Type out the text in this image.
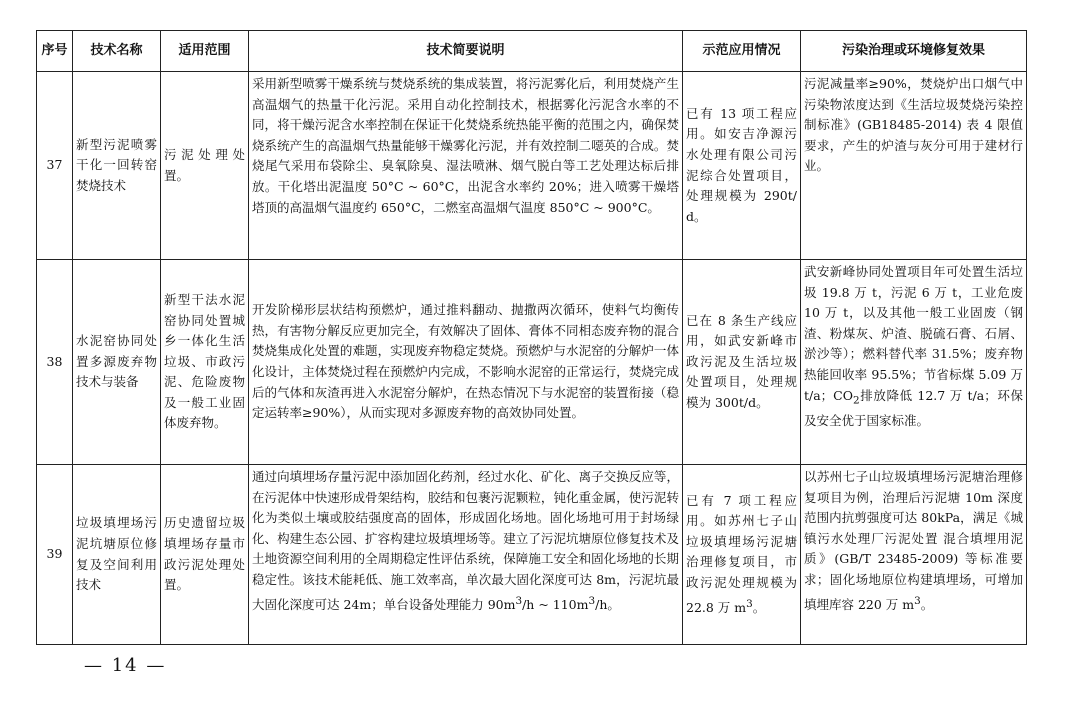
序号	技术名称	适用范围	技术简要说明	示范应用情况	污染治理或环境修复效果
37	新型污泥喷雾干化一回转窑焚烧技术	污泥处理处置。	采用新型喷雾干燥系统与焚烧系统的集成装置，将污泥雾化后，利用焚烧产生高温烟气的热量干化污泥。采用自动化控制技术，根据雾化污泥含水率的不同，将干燥污泥含水率控制在保证干化焚烧系统热能平衡的范围之内，确保焚烧系统产生的高温烟气热量能够干燥雾化污泥，并有效控制二噁英的合成。焚烧尾气采用布袋除尘、臭氧除臭、湿法喷淋、烟气脱白等工艺处理达标后排放。干化塔出泥温度 50°C ~ 60°C，出泥含水率约 20%；进入喷雾干燥塔塔顶的高温烟气温度约 650°C，二燃室高温烟气温度 850°C ~ 900°C。	已有 13 项工程应用。如安吉净源污水处理有限公司污泥综合处置项目，处理规模为 290t/d。	污泥减量率≥90%，焚烧炉出口烟气中污染物浓度达到《生活垃圾焚烧污染控制标准》(GB18485-2014) 表 4 限值要求，产生的炉渣与灰分可用于建材行业。
38	水泥窑协同处置多源废弃物技术与装备	新型干法水泥窑协同处置城乡一体化生活垃圾、市政污泥、危险废物及一般工业固体废弃物。	开发阶梯形层状结构预燃炉，通过推料翻动、抛撒两次循环，使料气均衡传热，有害物分解反应更加完全，有效解决了固体、膏体不同相态废弃物的混合焚烧集成化处置的难题，实现废弃物稳定焚烧。预燃炉与水泥窑的分解炉一体化设计，主体焚烧过程在预燃炉内完成，不影响水泥窑的正常运行，焚烧完成后的气体和灰渣再进入水泥窑分解炉，在热态情况下与水泥窑的装置衔接（稳定运转率≥90%），从而实现对多源废弃物的高效协同处置。	已在 8 条生产线应用，如武安新峰市政污泥及生活垃圾处置项目，处理规模为 300t/d。	武安新峰协同处置项目年可处置生活垃圾 19.8 万 t，污泥 6 万 t，工业危废 10 万 t，以及其他一般工业固废（钢渣、粉煤灰、炉渣、脱硫石膏、石屑、淤沙等）；燃料替代率 31.5%；废弃物热能回收率 95.5%；节省标煤 5.09 万 t/a；$CO_2$排放降低 12.7 万 t/a；环保及安全优于国家标准。
39	垃圾填埋场污泥坑塘原位修复及空间利用技术	历史遗留垃圾填埋场存量市政污泥处理处置。	通过向填埋场存量污泥中添加固化药剂，经过水化、矿化、离子交换反应等，在污泥体中快速形成骨架结构，胶结和包裹污泥颗粒，钝化重金属，使污泥转化为类似土壤或胶结强度高的固体，形成固化场地。固化场地可用于封场绿化、构建生态公园、扩容构建垃圾填埋场等。建立了污泥坑塘原位修复技术及土地资源空间利用的全周期稳定性评估系统，保障施工安全和固化场地的长期稳定性。该技术能耗低、施工效率高，单次最大固化深度可达 8m，污泥坑最大固化深度可达 24m；单台设备处理能力 $90m^3/h$ ~ $110m^3/h$。	已有 7 项工程应用。如苏州七子山垃圾填埋场污泥塘治理修复项目，市政污泥处理规模为 22.8 万 $m^3$。	以苏州七子山垃圾填埋场污泥塘治理修复项目为例，治理后污泥塘 10m 深度范围内抗剪强度可达 80kPa，满足《城镇污水处理厂污泥处置 混合填埋用泥质》(GB/T 23485-2009) 等标准要求；固化场地原位构建填埋场，可增加填埋库容 220 万 $m^3$。
— 14 —
